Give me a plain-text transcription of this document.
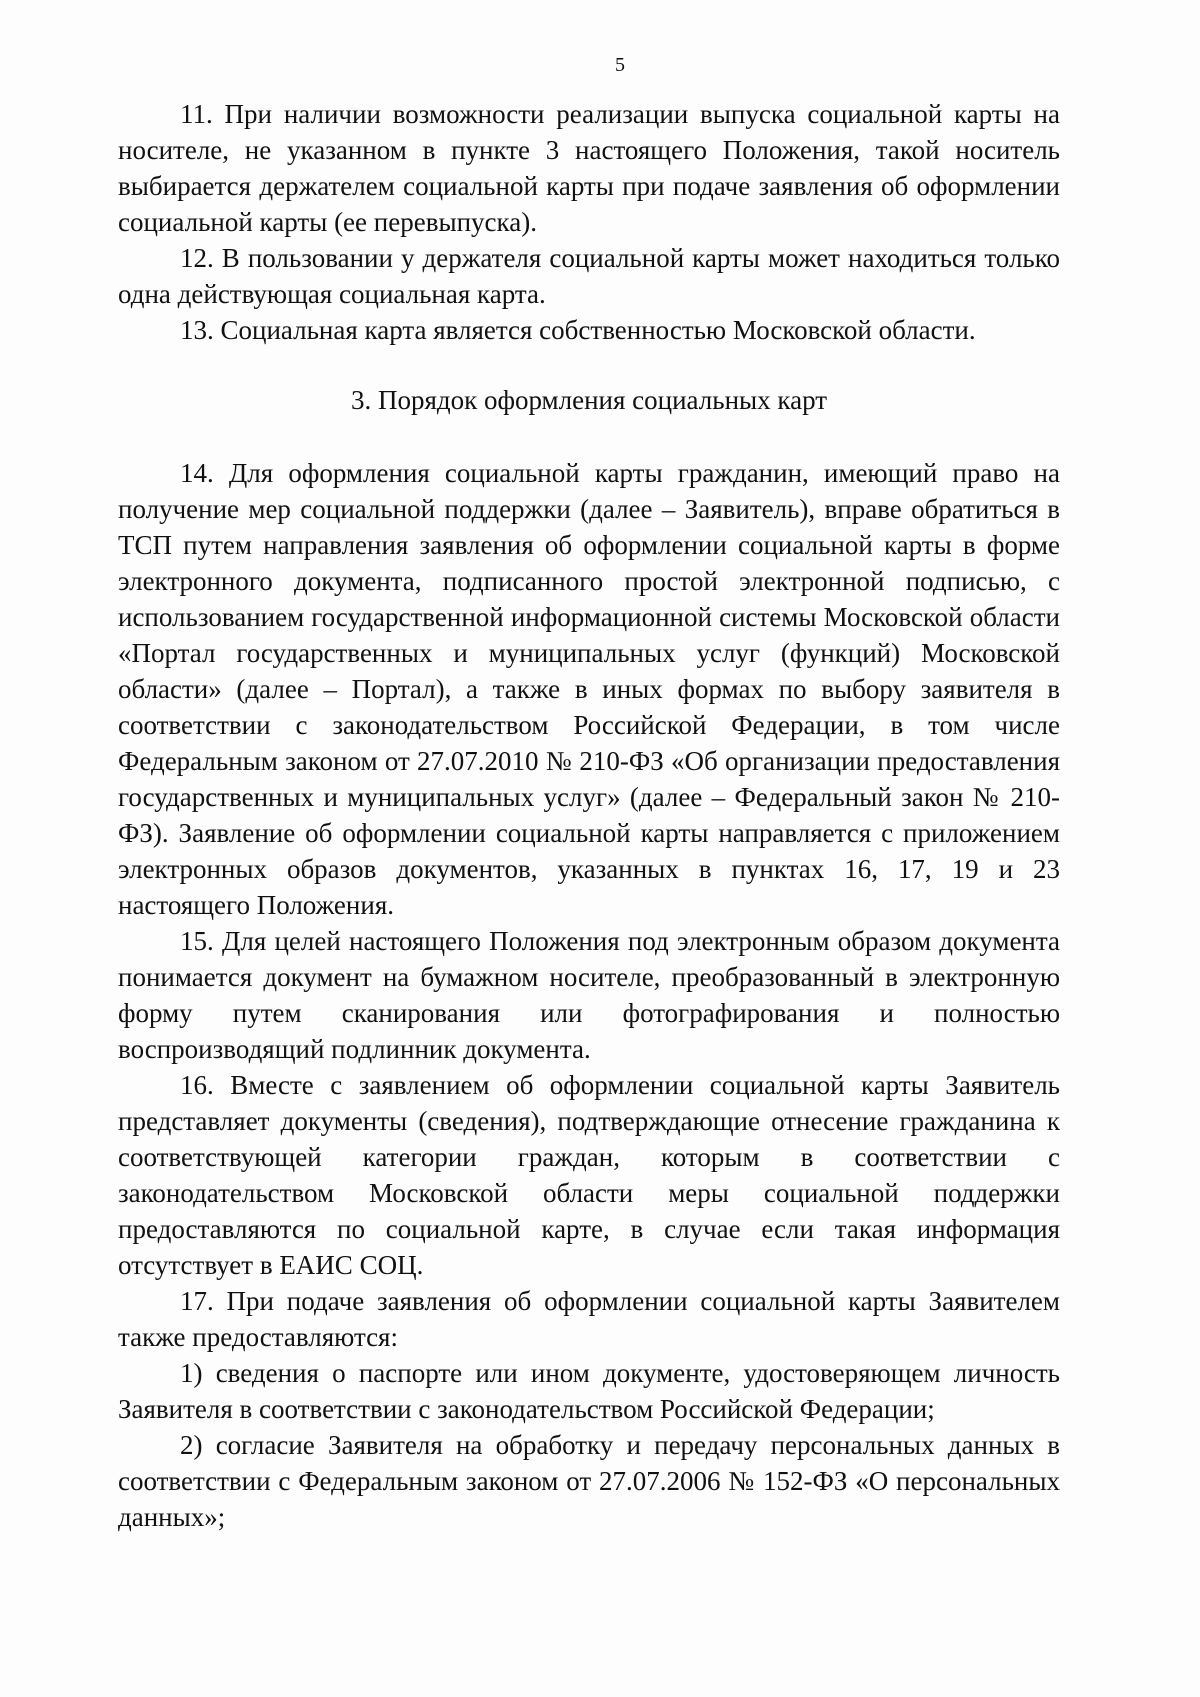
5

11. При наличии возможности реализации выпуска социальной карты на носителе, не указанном в пункте 3 настоящего Положения, такой носитель выбирается держателем социальной карты при подаче заявления об оформлении социальной карты (ее перевыпуска).

12. В пользовании у держателя социальной карты может находиться только одна действующая социальная карта.

13. Социальная карта является собственностью Московской области.

3. Порядок оформления социальных карт

14. Для оформления социальной карты гражданин, имеющий право на получение мер социальной поддержки (далее – Заявитель), вправе обратиться в ТСП путем направления заявления об оформлении социальной карты в форме электронного документа, подписанного простой электронной подписью, с использованием государственной информационной системы Московской области «Портал государственных и муниципальных услуг (функций) Московской области» (далее – Портал), а также в иных формах по выбору заявителя в соответствии с законодательством Российской Федерации, в том числе Федеральным законом от 27.07.2010 № 210-ФЗ «Об организации предоставления государственных и муниципальных услуг» (далее – Федеральный закон № 210-ФЗ). Заявление об оформлении социальной карты направляется с приложением электронных образов документов, указанных в пунктах 16, 17, 19 и 23 настоящего Положения.

15. Для целей настоящего Положения под электронным образом документа понимается документ на бумажном носителе, преобразованный в электронную форму путем сканирования или фотографирования и полностью воспроизводящий подлинник документа.

16. Вместе с заявлением об оформлении социальной карты Заявитель представляет документы (сведения), подтверждающие отнесение гражданина к соответствующей категории граждан, которым в соответствии с законодательством Московской области меры социальной поддержки предоставляются по социальной карте, в случае если такая информация отсутствует в ЕАИС СОЦ.

17. При подаче заявления об оформлении социальной карты Заявителем также предоставляются:

1) сведения о паспорте или ином документе, удостоверяющем личность Заявителя в соответствии с законодательством Российской Федерации;

2) согласие Заявителя на обработку и передачу персональных данных в соответствии с Федеральным законом от 27.07.2006 № 152-ФЗ «О персональных данных»;
